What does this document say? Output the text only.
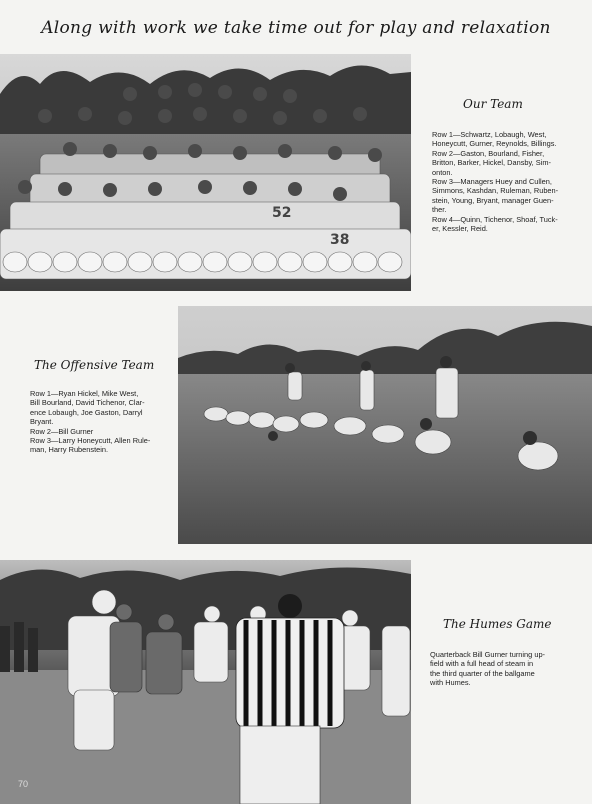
Along with work we take time out for play and relaxation
52
38
Our Team
Row 1—Schwartz, Lobaugh, West,
Honeycutt, Gurner, Reynolds, Billings.
Row 2—Gaston, Bourland, Fisher,
Britton, Barker, Hickel, Dansby, Sim-
onton.
Row 3—Managers Huey and Cullen,
Simmons, Kashdan, Ruleman, Ruben-
stein, Young, Bryant, manager Guen-
ther.
Row 4—Quinn, Tichenor, Shoaf, Tuck-
er, Kessler, Reid.
The Offensive Team
Row 1—Ryan Hickel, Mike West,
Bill Bourland, David Tichenor, Clar-
ence Lobaugh, Joe Gaston, Darryl
Bryant.
Row 2—Bill Gurner
Row 3—Larry Honeycutt, Allen Rule-
man, Harry Rubenstein.
The Humes Game
Quarterback Bill Gurner turning up-
field with a full head of steam in
the third quarter of the ballgame
with Humes.
70
